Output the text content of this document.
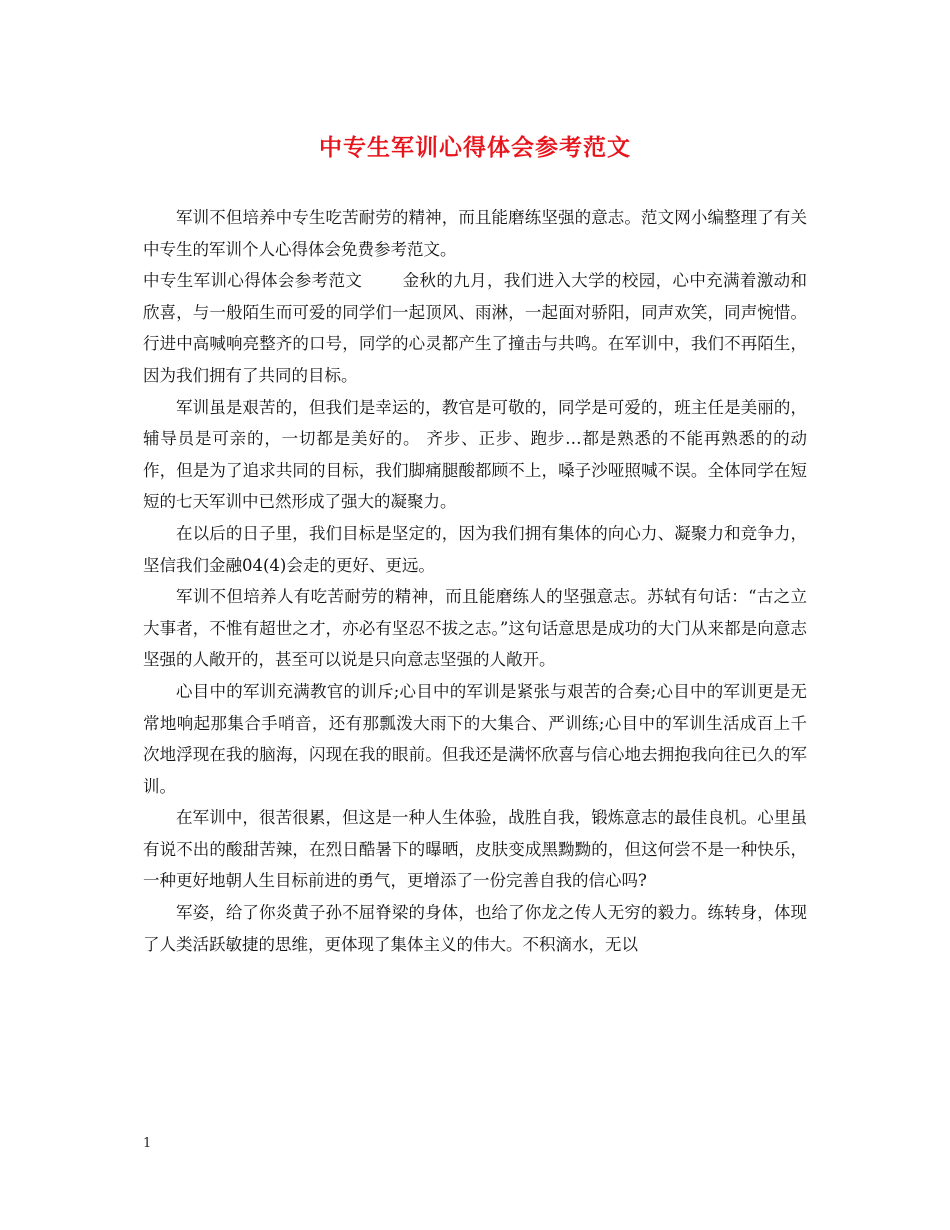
中专生军训心得体会参考范文

军训不但培养中专生吃苦耐劳的精神，而且能磨练坚强的意志。范文网小编整理了有关中专生的军训个人心得体会免费参考范文。

中专生军训心得体会参考范文 金秋的九月，我们进入大学的校园，心中充满着激动和欣喜，与一般陌生而可爱的同学们一起顶风、雨淋，一起面对骄阳，同声欢笑，同声惋惜。行进中高喊响亮整齐的口号，同学的心灵都产生了撞击与共鸣。在军训中，我们不再陌生，因为我们拥有了共同的目标。

军训虽是艰苦的，但我们是幸运的，教官是可敬的，同学是可爱的，班主任是美丽的，辅导员是可亲的，一切都是美好的。 齐步、正步、跑步…都是熟悉的不能再熟悉的的动作，但是为了追求共同的目标，我们脚痛腿酸都顾不上，嗓子沙哑照喊不误。全体同学在短短的七天军训中已然形成了强大的凝聚力。

在以后的日子里，我们目标是坚定的，因为我们拥有集体的向心力、凝聚力和竞争力，坚信我们金融04(4)会走的更好、更远。

军训不但培养人有吃苦耐劳的精神，而且能磨练人的坚强意志。苏轼有句话：“古之立大事者，不惟有超世之才，亦必有坚忍不拔之志。”这句话意思是成功的大门从来都是向意志坚强的人敞开的，甚至可以说是只向意志坚强的人敞开。

心目中的军训充满教官的训斥;心目中的军训是紧张与艰苦的合奏;心目中的军训更是无常地响起那集合手哨音，还有那瓢泼大雨下的大集合、严训练;心目中的军训生活成百上千次地浮现在我的脑海，闪现在我的眼前。但我还是满怀欣喜与信心地去拥抱我向往已久的军训。

在军训中，很苦很累，但这是一种人生体验，战胜自我，锻炼意志的最佳良机。心里虽有说不出的酸甜苦辣，在烈日酷暑下的曝晒，皮肤变成黑黝黝的，但这何尝不是一种快乐，一种更好地朝人生目标前进的勇气，更增添了一份完善自我的信心吗?

军姿，给了你炎黄子孙不屈脊梁的身体，也给了你龙之传人无穷的毅力。练转身，体现了人类活跃敏捷的思维，更体现了集体主义的伟大。不积滴水，无以

1
